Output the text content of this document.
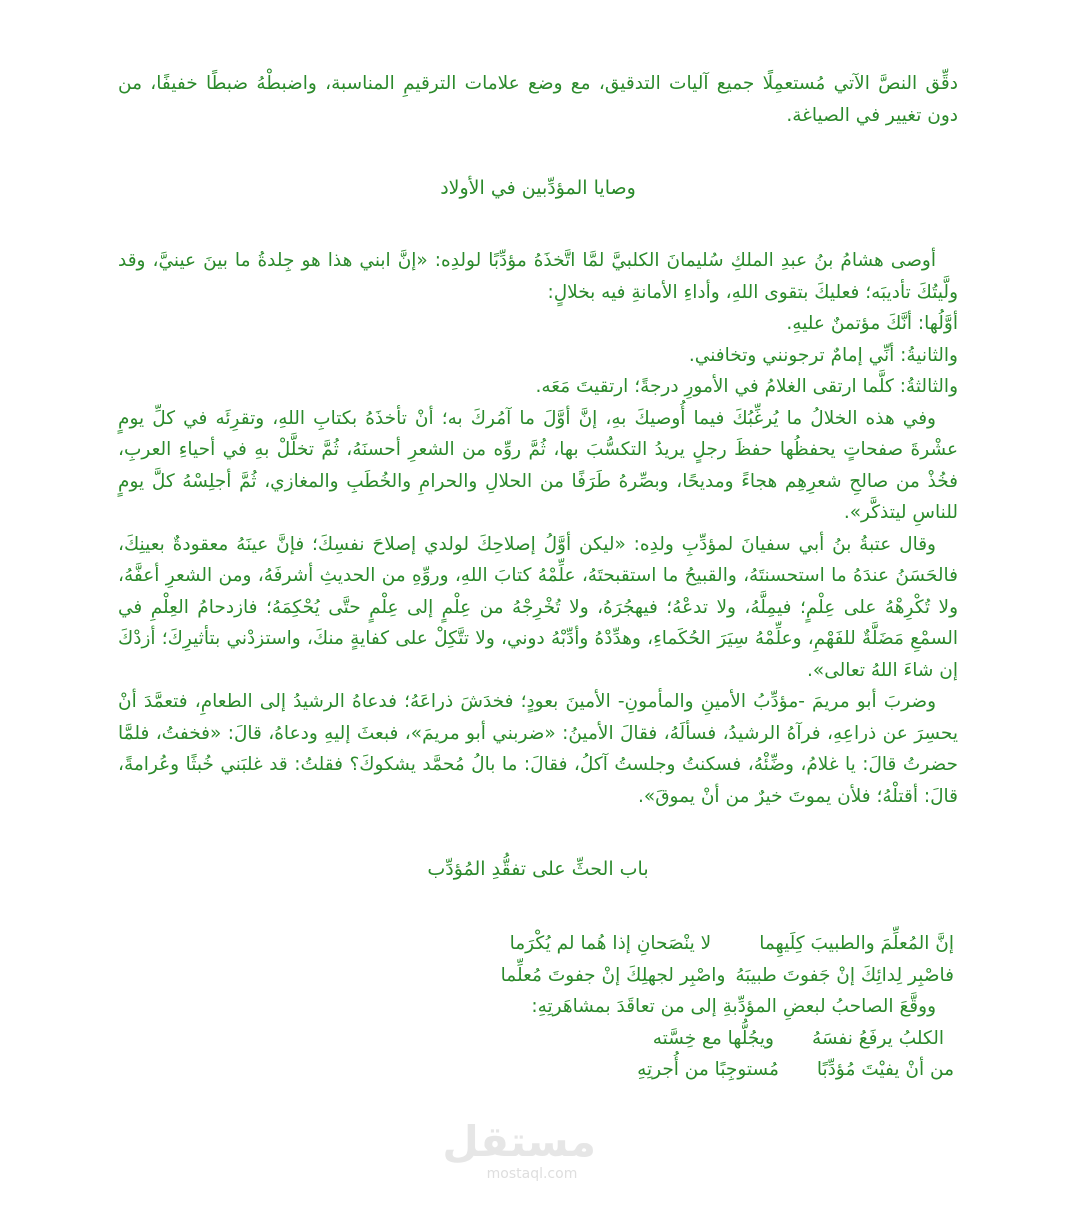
دقِّق النصَّ الآتي مُستعمِلًا جميع آليات التدقيق، مع وضع علامات الترقيمِ المناسبة، واضبطْهُ ضبطًا خفيفًا، من دون تغيير في الصياغة.

وصايا المؤدِّبين في الأولاد

أوصى هشامُ بنُ عبدِ الملكِ سُليمانَ الكلبيَّ لمَّا اتَّخذَهُ مؤدِّبًا لولدِه: «إنَّ ابني هذا هو جِلدةُ ما بينَ عينيَّ، وقد ولَّيتُكَ تأديبَه؛ فعليكَ بتقوى اللهِ، وأداءِ الأمانةِ فيه بخلالٍ:

أوَّلُها: أنَّكَ مؤتمنٌ عليهِ.

والثانيةُ: أنِّي إمامٌ ترجونني وتخافني.

والثالثةُ: كلَّما ارتقى الغلامُ في الأمورِ درجةً؛ ارتقيتَ مَعَه.

وفي هذه الخلالُ ما يُرغِّبُكَ فيما أُوصيكَ بهِ، إنَّ أوَّلَ ما آمُركَ به؛ أنْ تأخذَهُ بكتابِ اللهِ، وتقرِئَه في كلِّ يومٍ عشْرةَ صفحاتٍ يحفظُها حفظَ رجلٍ يريدُ التكسُّبَ بها، ثُمَّ روِّه من الشعرِ أحسنَهُ، ثُمَّ تخلَّلْ بهِ في أحياءِ العربِ، فخُذْ من صالحِ شعرِهِم هجاءً ومديحًا، وبصِّرهُ طَرَفًا من الحلالِ والحرامِ والخُطَبِ والمغازي، ثُمَّ أجلِسْهُ كلَّ يومٍ للناسِ ليتذكَّر».

وقال عتبةُ بنُ أبي سفيانَ لمؤدِّبِ ولدِه: «ليكن أوَّلُ إصلاحِكَ لولدي إصلاحَ نفسِكَ؛ فإنَّ عينَهُ معقودةٌ بعينِكَ، فالحَسَنُ عندَهُ ما استحسنتَهُ، والقبيحُ ما استقبحتَهُ، علِّمْهُ كتابَ اللهِ، وروِّهِ من الحديثِ أشرفَهُ، ومن الشعرِ أعفَّهُ، ولا تُكْرِهْهُ على عِلْمٍ؛ فيمِلَّهُ، ولا تدعْهُ؛ فيهجُرَهُ، ولا تُخْرِجْهُ من عِلْمٍ إلى عِلْمٍ حتَّى يُحْكِمَهُ؛ فازدحامُ العِلْمِ في السمْعِ مَضَلَّةٌ للفَهْمِ، وعلِّمْهُ سِيَرَ الحُكَماءِ، وهدِّدْهُ وأدِّبْهُ دوني، ولا تتَّكِلْ على كفايةٍ منكَ، واستزدْني بتأثيرِكَ؛ أزدْكَ إن شاءَ اللهُ تعالى».

وضربَ أبو مريمَ -مؤدِّبُ الأمينِ والمأمونِ- الأمينَ بعودٍ؛ فخدَشَ ذراعَهُ؛ فدعاهُ الرشيدُ إلى الطعامِ، فتعمَّدَ أنْ يحسِرَ عن ذراعِهِ، فرآهُ الرشيدُ، فسألَهُ، فقالَ الأمينُ: «ضربني أبو مريمَ»، فبعثَ إليهِ ودعاهُ، قالَ: «فخفتُ، فلمَّا حضرتُ قالَ: يا غلامُ، وضِّئْهُ، فسكنتُ وجلستُ آكلُ، فقالَ: ما بالُ مُحمَّد يشكوكَ؟ فقلتُ: قد غلبَني خُبثًا وعُرامةً، قالَ: أقتلْهُ؛ فلأن يموتَ خيرٌ من أنْ يموقَ».

باب الحثِّ على تفقُّدِ المُؤدِّب

إنَّ المُعلِّمَ والطبيبَ كِلَيهِما
لا ينْصَحانِ إذا هُما لم يُكْرَما
فاصْبِر لِدائِكَ إنْ جَفوتَ طبيبَهُ
واصْبِر لجهلِكَ إنْ جفوتَ مُعلِّما

ووقَّعَ الصاحبُ لبعضِ المؤدِّبةِ إلى من تعاقَدَ بمشاهَرتِهِ:

الكلبُ يرفَعُ نفسَهُ
ويجُلُّها مع خِسَّته
من أنْ يفيْتَ مُؤدِّبًا
مُستوجِبًا من أُجرتِهِ
مستقل
mostaql.com
